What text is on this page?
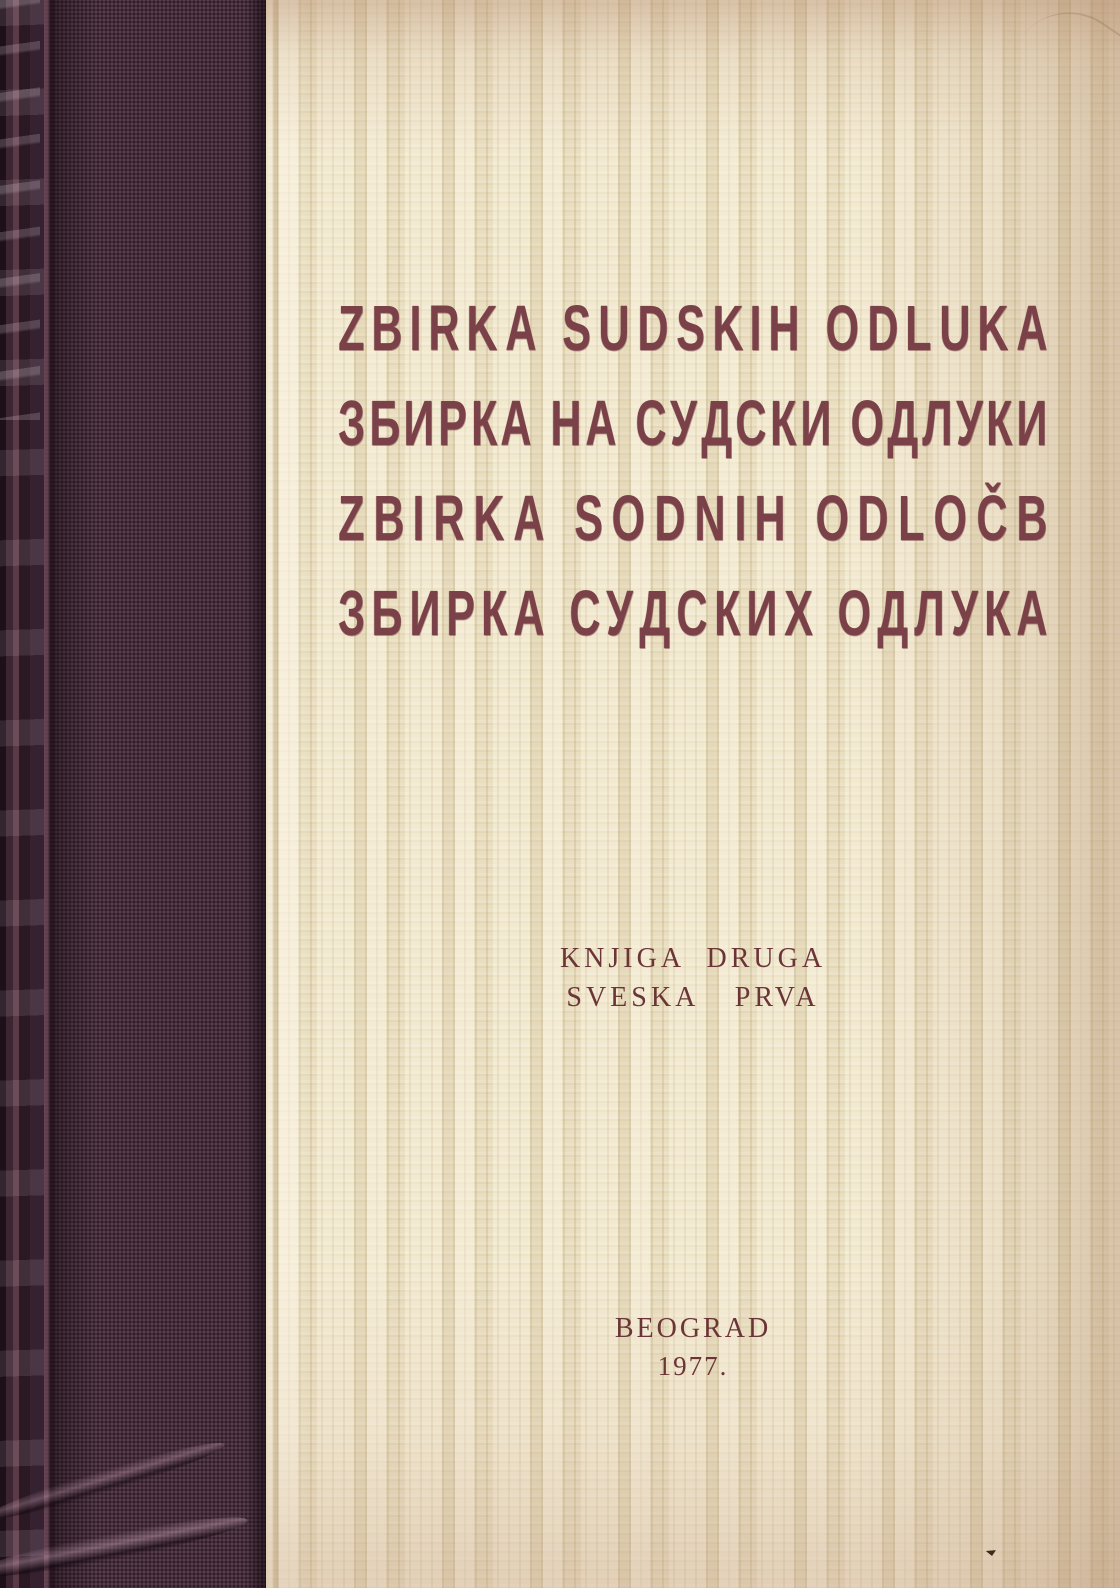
Z B I R K A
S U D S K I H
O D L U K A
З Б И Р К А
Н А
С У Д С К И
О Д Л У К И
Z B I R K A
S O D N I H
O D L O Č B
З Б И Р К А
С У Д С К И Х
О Д Л У К А
KNJIGA DRUGA
SVESKA PRVA
BEOGRAD
1977.
